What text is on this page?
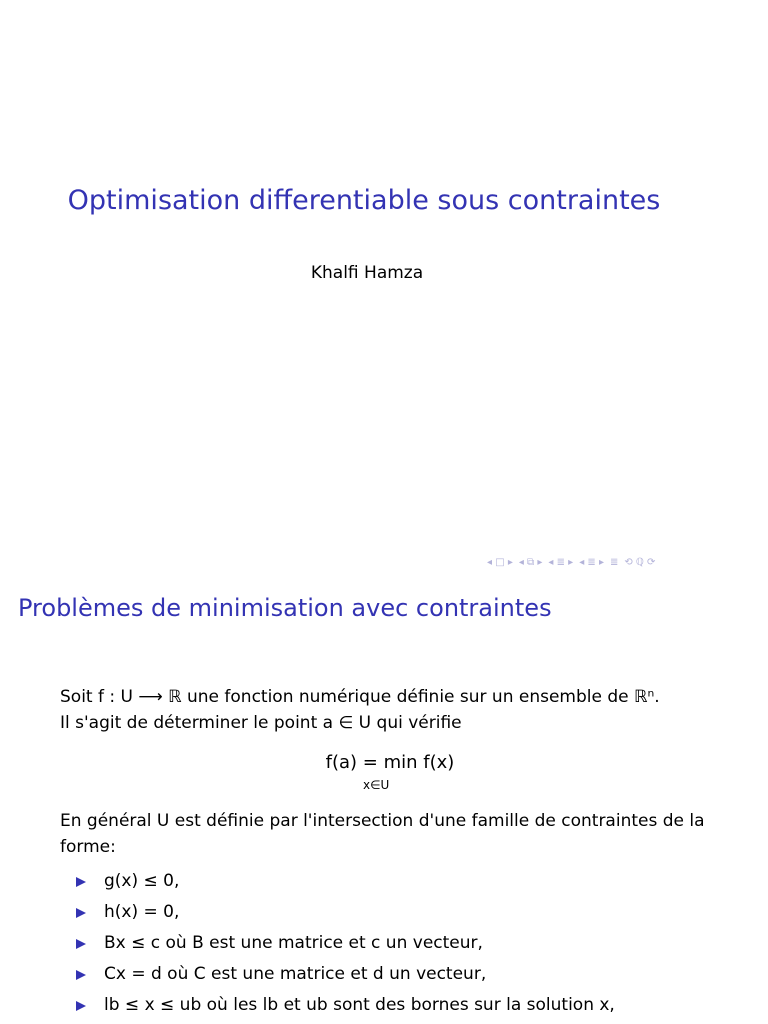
Optimisation differentiable sous contraintes
Khalfi Hamza
◂ □ ▸ ◂ ⧉ ▸ ◂ ≣ ▸ ◂ ≣ ▸ ≣ ⟲ ℚ ⟳
Problèmes de minimisation avec contraintes

Soit f : U ⟶ ℝ une fonction numérique définie sur un ensemble de ℝⁿ.

Il s'agit de déterminer le point a ∈ U qui vérifie

f(a) = min f(x)
x∈U

En général U est définie par l'intersection d'une famille de contraintes de la forme:

g(x) ≤ 0,
h(x) = 0,
Bx ≤ c où B est une matrice et c un vecteur,
Cx = d où C est une matrice et d un vecteur,
lb ≤ x ≤ ub où les lb et ub sont des bornes sur la solution x,
